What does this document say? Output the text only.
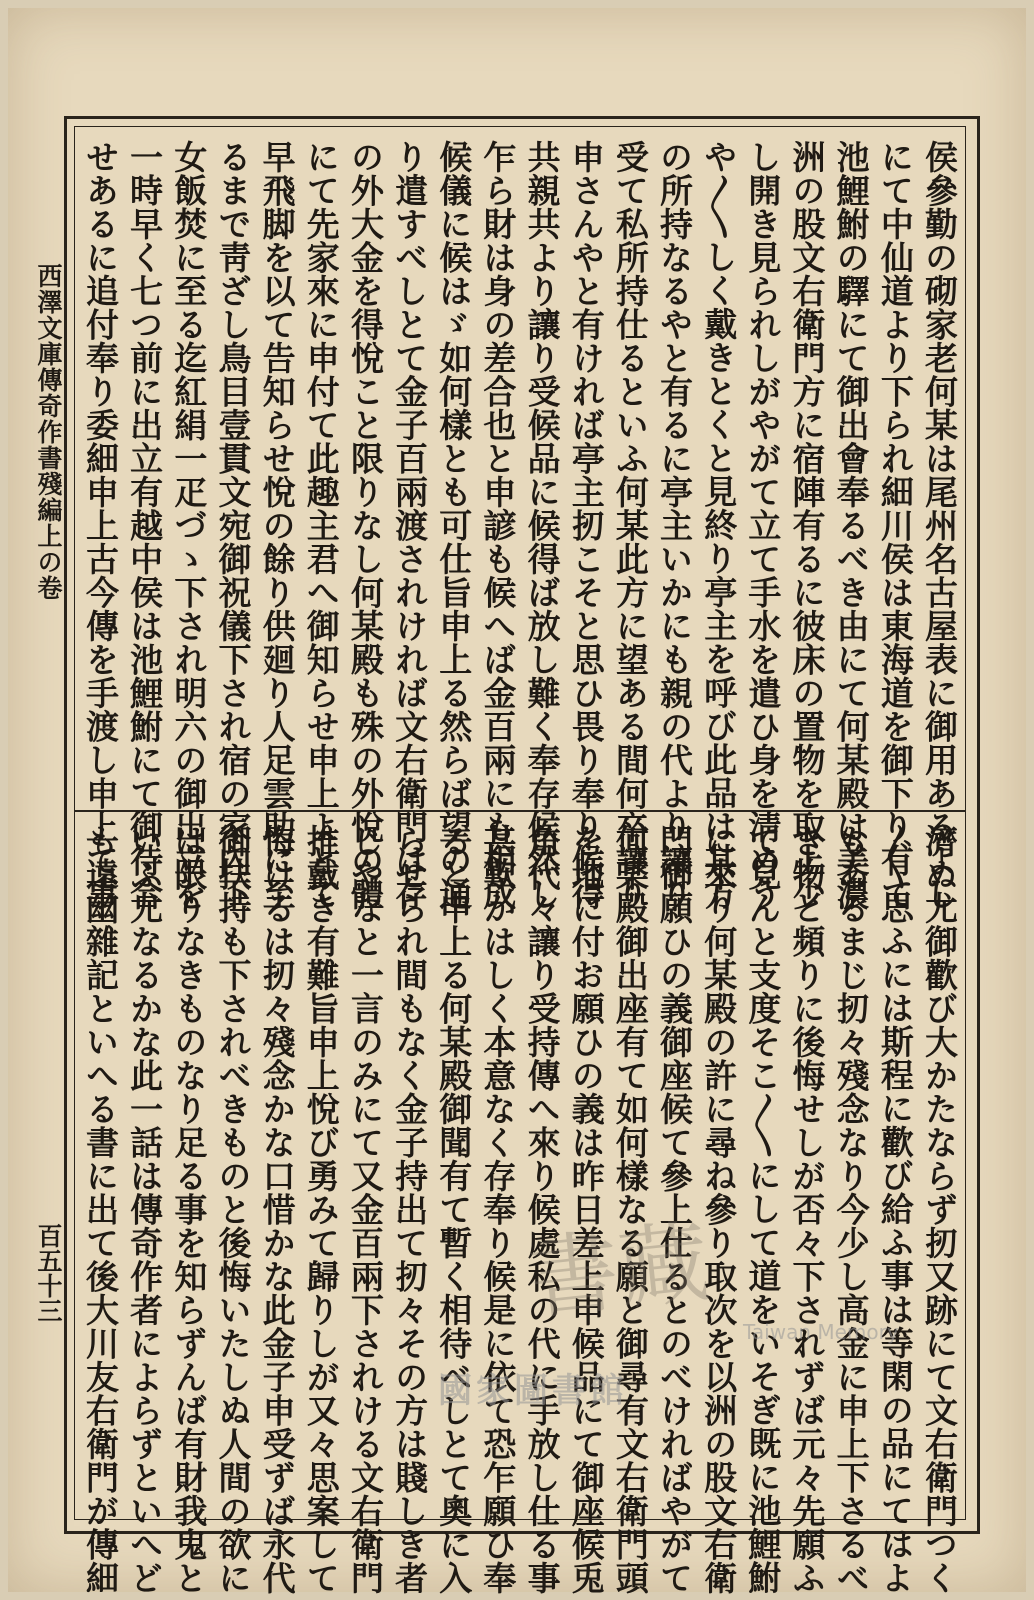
西澤文庫傳奇作書殘編上の卷
百五十三
侯參勤の砌家老何某は尾州名古屋表に御用あるよし
にて中仙道より下られ細川侯は東海道を御下り有て
池鯉鮒の驛にて御出會奉るべき由にて何某殿は美濃
洲の股文右衛門方に宿陣有るに彼床の置物を取上少
し開き見られしがやがて立て手水を遣ひ身を淸めう
や〳〵しく戴きとくと見終り亭主を呼び此品は其方
の所持なるやと有るに亭主いかにも親の代より讓り
受て私所持仕るといふ何某此方に望ある間何卒讓り
申さんやと有ければ亭主扨こそと思ひ畏り奉り候得
共親共より讓り受候品に候得ば放し難く奉存候然し
乍ら財は身の差合也と申諺も候へば金百兩にも相成
候儀に候はゞ如何樣とも可仕旨申上る然らば望の通
り遣すべしとて金子百兩渡されければ文右衛門は存
の外大金を得悅こと限りなし何某殿も殊の外悅の體
にて先家來に申付て此趣主君へ御知らせ申上よとて
早飛脚を以て告知らせ悅の餘り供廻り人足雲助に至
るまで靑ざし鳥目壹貫文宛御祝儀下され宿の家內下
女飯焚に至る迄紅絹一疋づゝ下され明六の御出立を
一時早く七つ前に出立有越中侯は池鯉鮒にて御待合
せあるに追付奉り委細申上古今傳を手渡し申上て事
濟ぬ尤御歡び大かたならず扨又跡にて文右衛門つく
〴〵思ふには斯程に歡び給ふ事は等閑の品にてはよ
もあるまじ扨々殘念なり今少し高金に申上下さるべ
き物と頻りに後悔せしが否々下されずば元々先願ふ
て見んと支度そこ〳〵にして道をいそぎ既に池鯉鮒
に來り何某殿の許に尋ね參り取次を以洲の股文右衛
門御願ひの義御座候て參上仕るとのべければやがて
何某殿御出座有て如何樣なる願と御尋有文右衛門頭
を地に付お願ひの義は昨日差上申候品にて御座候兎
角代々讓り受持傳へ來り候處私の代に手放し仕る事
甚歎かはしく本意なく存奉り候是に依て恐乍願ひ奉
ると申上る何某殿御聞有て暫く相待べしとて奧に入
らせられ間もなく金子持出て扨々その方は賤しき者
じやなと一言のみにて又金百兩下されける文右衛門
推戴き有難旨申上悅び勇みて歸りしが又々思案して
悔けるは扨々殘念かな口惜かな此金子申受ずば永代
御扶持も下されべきものと後悔いたしぬ人間の欲に
は限りなきものなり足る事を知らずんば有財我鬼と
いふ尤なるかな此一話は傳奇作者によらずといへど
も遠幽雜記といへる書に出て後大川友右衛門が傳細	書藏
國家圖書館
Taiwan Memory
